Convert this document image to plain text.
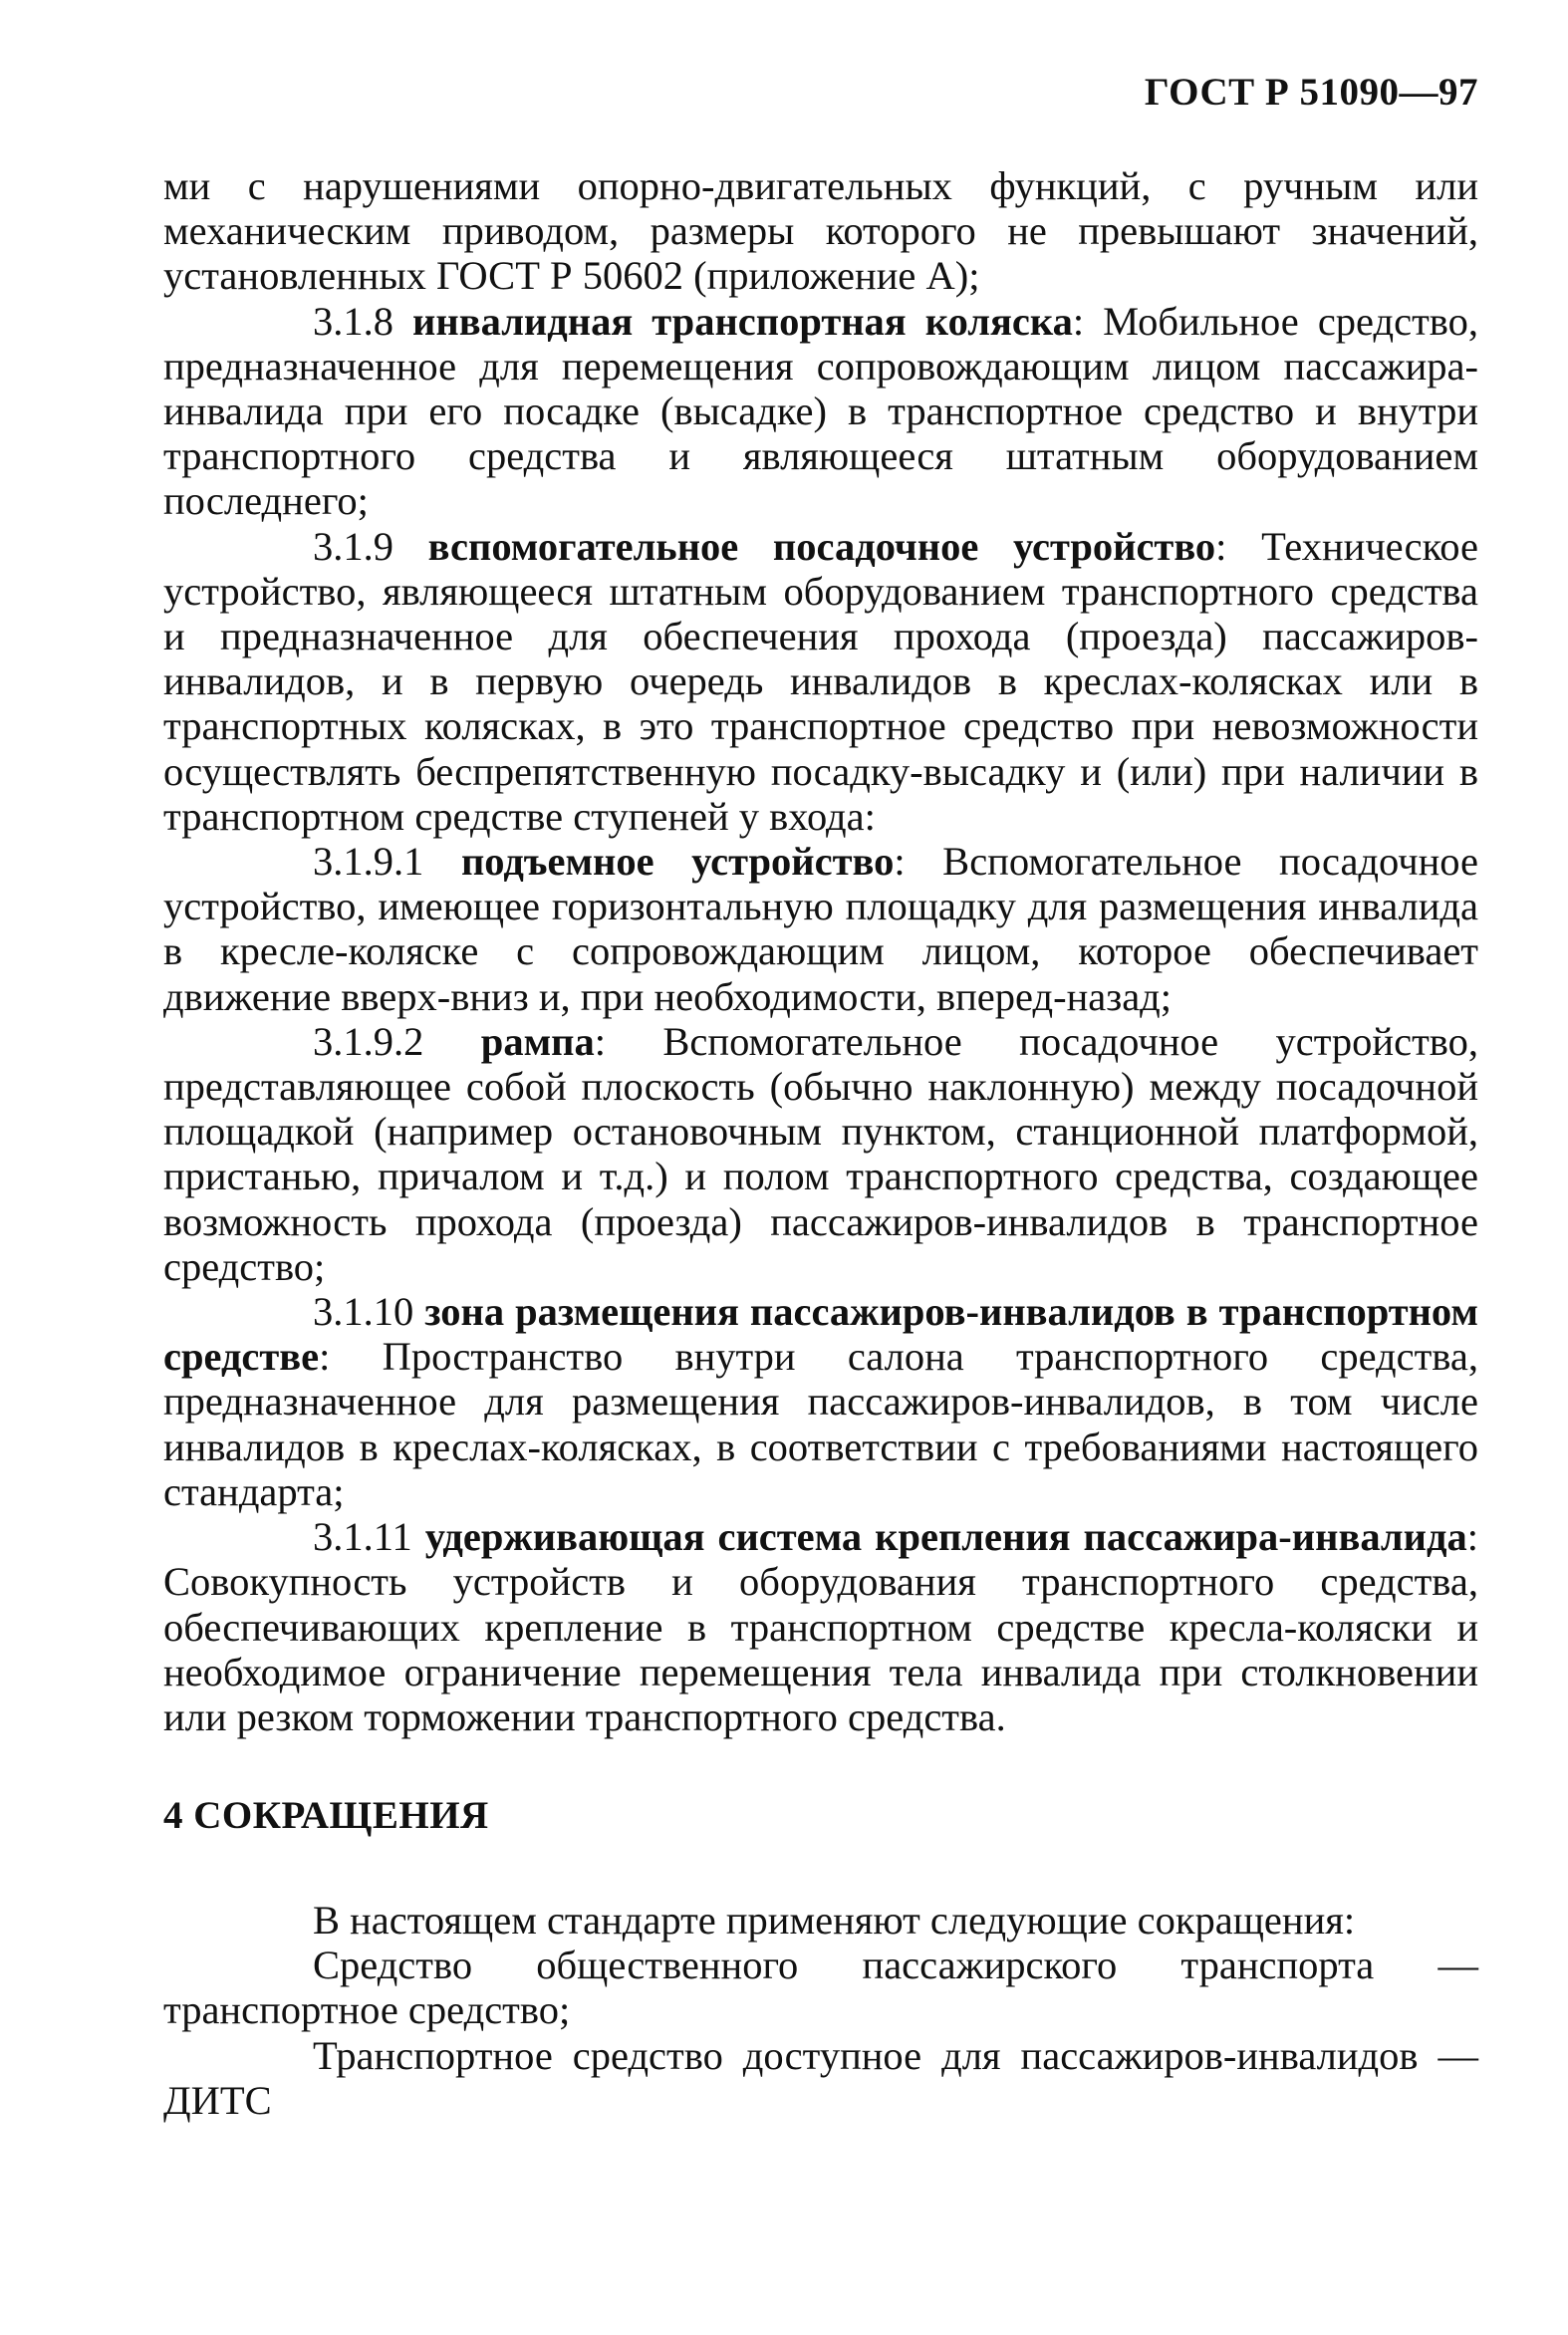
ГОСТ Р 51090—97

ми с нарушениями опорно-двигательных функций, с ручным или механическим приводом, размеры которого не превышают значений, установленных ГОСТ Р 50602 (приложение А);

3.1.8 инвалидная транспортная коляска: Мобильное средство, предназначенное для перемещения сопровождающим лицом пассажира-инвалида при его посадке (высадке) в транспортное средство и внутри транспортного средства и являющееся штатным оборудованием последнего;

3.1.9 вспомогательное посадочное устройство: Техническое устройство, являющееся штатным оборудованием транспортного средства и предназначенное для обеспечения прохода (проезда) пассажиров-инвалидов, и в первую очередь инвалидов в креслах-колясках или в транспортных колясках, в это транспортное средство при невозможности осуществлять беспрепятственную посадку-высадку и (или) при наличии в транспортном средстве ступеней у входа:

3.1.9.1 подъемное устройство: Вспомогательное посадочное устройство, имеющее горизонтальную площадку для размещения инвалида в кресле-коляске с сопровождающим лицом, которое обеспечивает движение вверх-вниз и, при необходимости, вперед-назад;

3.1.9.2 рампа: Вспомогательное посадочное устройство, представляющее собой плоскость (обычно наклонную) между посадочной площадкой (например остановочным пунктом, станционной платформой, пристанью, причалом и т.д.) и полом транспортного средства, создающее возможность прохода (проезда) пассажиров-инвалидов в транспортное средство;

3.1.10 зона размещения пассажиров-инвалидов в транспортном средстве: Пространство внутри салона транспортного средства, предназначенное для размещения пассажиров-инвалидов, в том числе инвалидов в креслах-колясках, в соответствии с требованиями настоящего стандарта;

3.1.11 удерживающая система крепления пассажира-инвалида: Совокупность устройств и оборудования транспортного средства, обеспечивающих крепление в транспортном средстве кресла-коляски и необходимое ограничение перемещения тела инвалида при столкновении или резком торможении транспортного средства.

4 СОКРАЩЕНИЯ

В настоящем стандарте применяют следующие сокращения:

Средство общественного пассажирского транспорта — транспортное средство;

Транспортное средство доступное для пассажиров-инвалидов — ДИТС
